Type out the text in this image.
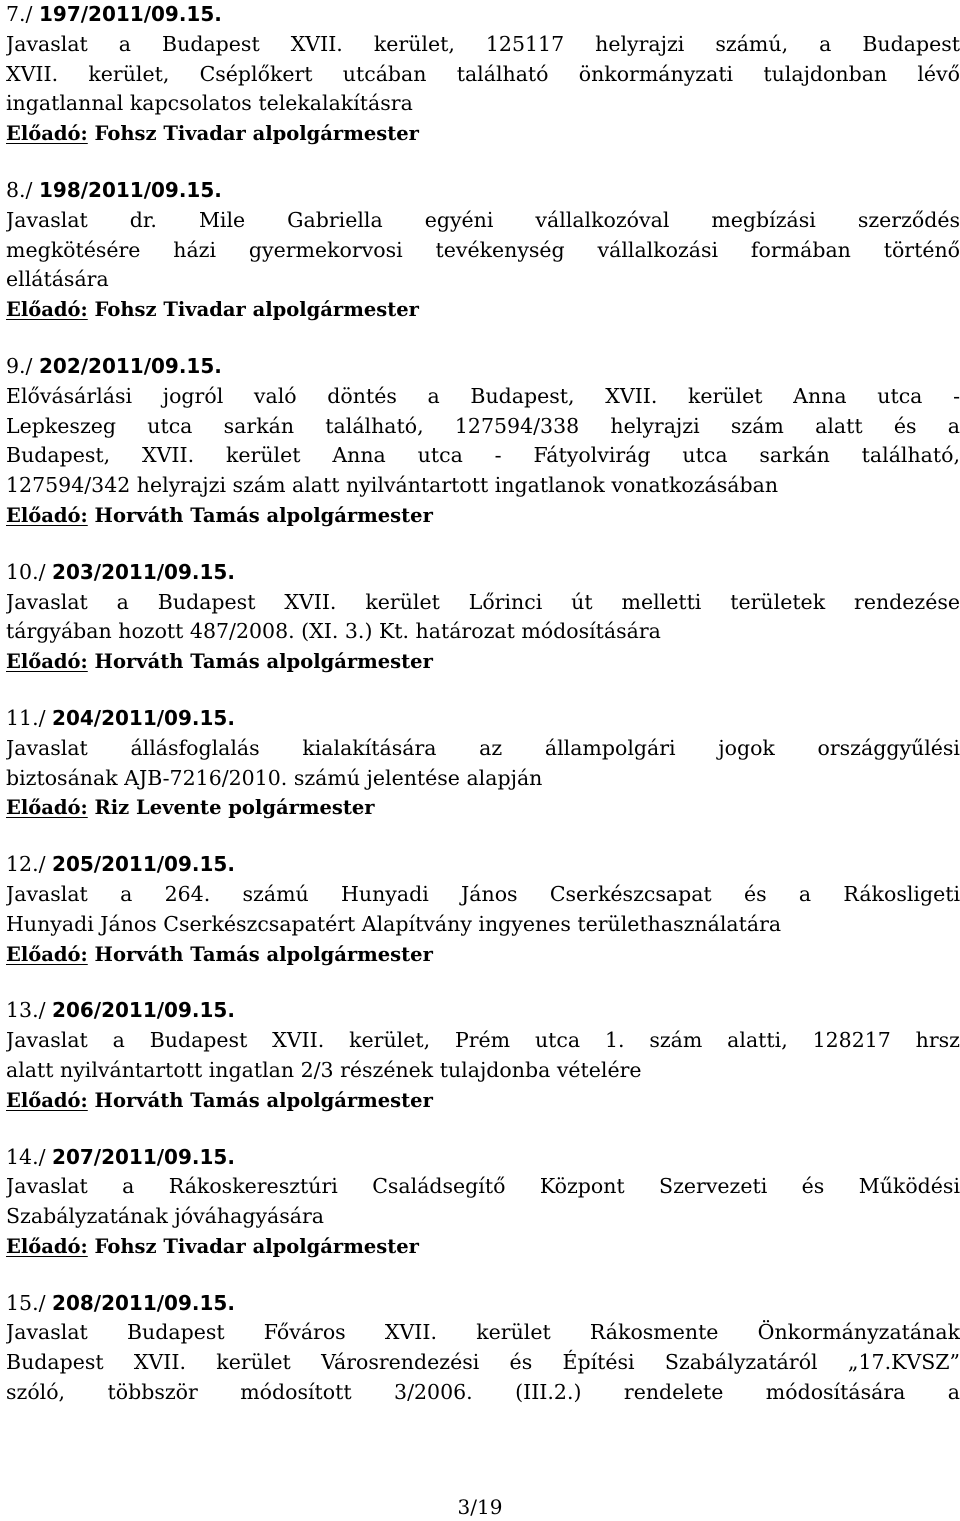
7./ 197/2011/09.15.
Javaslat a Budapest XVII. kerület, 125117 helyrajzi számú, a Budapest
XVII. kerület, Cséplőkert utcában található önkormányzati tulajdonban lévő
ingatlannal kapcsolatos telekalakításra
Előadó: Fohsz Tivadar alpolgármester
8./ 198/2011/09.15.
Javaslat dr. Mile Gabriella egyéni vállalkozóval megbízási szerződés
megkötésére házi gyermekorvosi tevékenység vállalkozási formában történő
ellátására
Előadó: Fohsz Tivadar alpolgármester
9./ 202/2011/09.15.
Elővásárlási jogról való döntés a Budapest, XVII. kerület Anna utca -
Lepkeszeg utca sarkán található, 127594/338 helyrajzi szám alatt és a
Budapest, XVII. kerület Anna utca - Fátyolvirág utca sarkán található,
127594/342 helyrajzi szám alatt nyilvántartott ingatlanok vonatkozásában
Előadó: Horváth Tamás alpolgármester
10./ 203/2011/09.15.
Javaslat a Budapest XVII. kerület Lőrinci út melletti területek rendezése
tárgyában hozott 487/2008. (XI. 3.) Kt. határozat módosítására
Előadó: Horváth Tamás alpolgármester
11./ 204/2011/09.15.
Javaslat állásfoglalás kialakítására az állampolgári jogok országgyűlési
biztosának AJB-7216/2010. számú jelentése alapján
Előadó: Riz Levente polgármester
12./ 205/2011/09.15.
Javaslat a 264. számú Hunyadi János Cserkészcsapat és a Rákosligeti
Hunyadi János Cserkészcsapatért Alapítvány ingyenes területhasználatára
Előadó: Horváth Tamás alpolgármester
13./ 206/2011/09.15.
Javaslat a Budapest XVII. kerület, Prém utca 1. szám alatti, 128217 hrsz
alatt nyilvántartott ingatlan 2/3 részének tulajdonba vételére
Előadó: Horváth Tamás alpolgármester
14./ 207/2011/09.15.
Javaslat a Rákoskeresztúri Családsegítő Központ Szervezeti és Működési
Szabályzatának jóváhagyására
Előadó: Fohsz Tivadar alpolgármester
15./ 208/2011/09.15.
Javaslat Budapest Főváros XVII. kerület Rákosmente Önkormányzatának
Budapest XVII. kerület Városrendezési és Építési Szabályzatáról „17.KVSZ”
szóló, többször módosított 3/2006. (III.2.) rendelete módosítására a
3/19
